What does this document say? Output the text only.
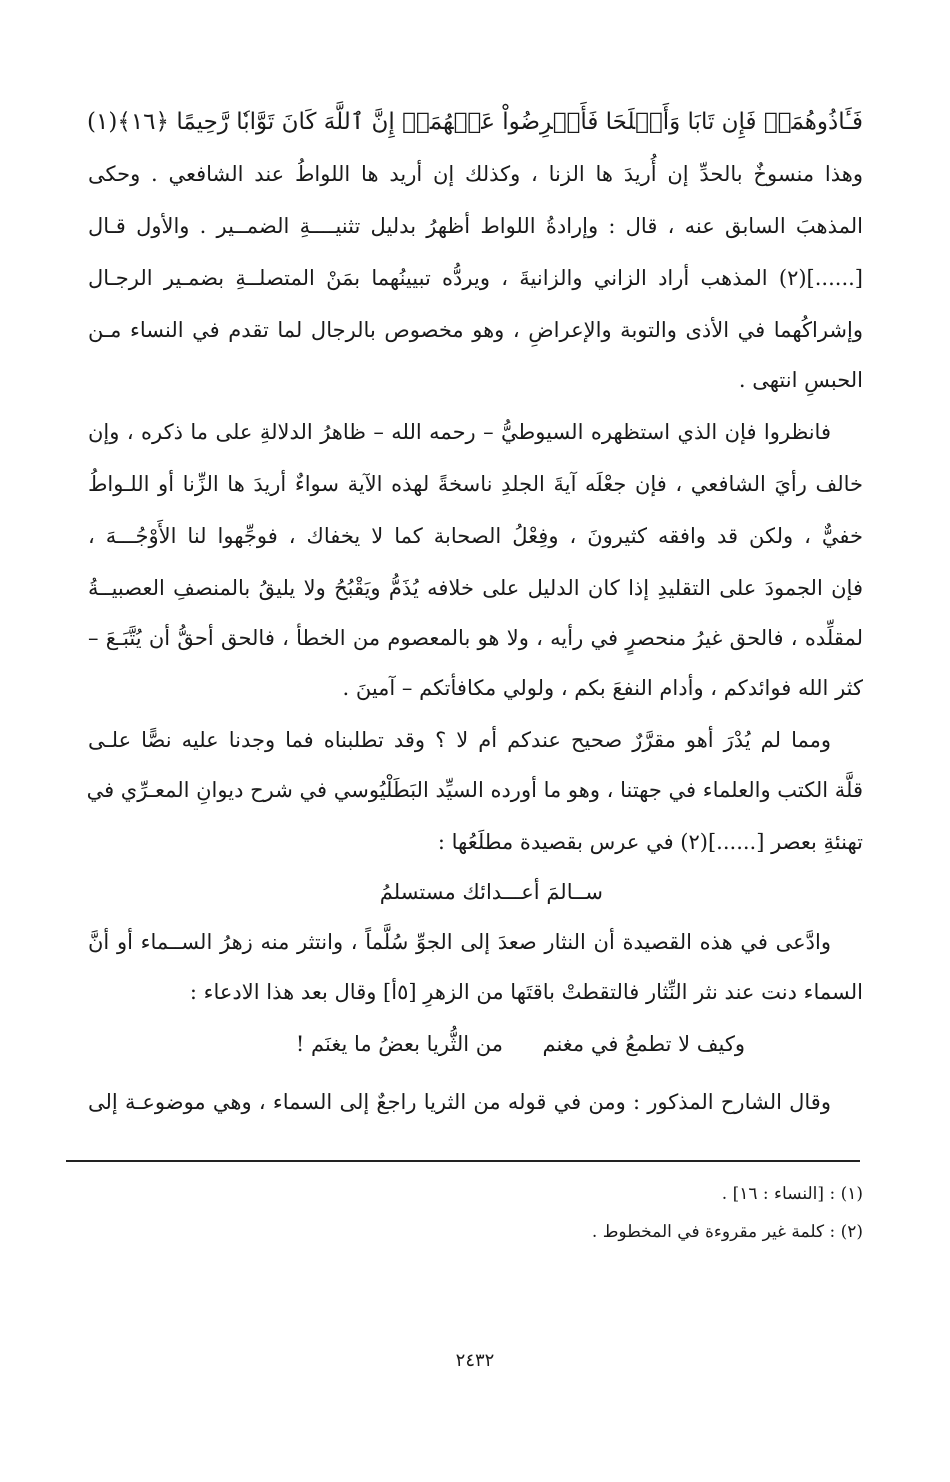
فَـَٔاذُوهُمَاۖ فَإِن تَابَا وَأَصۡلَحَا فَأَعۡرِضُواْ عَنۡهُمَآۗ إِنَّ ٱللَّهَ كَانَ تَوَّابٗا رَّحِيمًا ﴿١٦﴾(١)
وهذا منسوخٌ بالحدِّ إن أُريدَ ها الزنا ، وكذلك إن أريد ها اللواطُ عند الشافعي . وحكى
المذهبَ السابق عنه ، قال : وإرادةُ اللواط أظهرُ بدليل تثنيــــةِ الضمــير . والأول قـال
[......](٢) المذهب أراد الزاني والزانيةَ ، ويردُّه تبيينُهما بمَنْ المتصلــةِ بضمـير الرجـال
وإشراكُهما في الأذى والتوبة والإعراضِ ، وهو مخصوص بالرجال لما تقدم في النساء مـن
الحبسِ انتهى .
فانظروا فإن الذي استظهره السيوطيُّ – رحمه الله – ظاهرُ الدلالةِ على ما ذكره ، وإن
خالف رأيَ الشافعي ، فإن جعْلَه آيةَ الجلدِ ناسخةً لهذه الآية سواءٌ أريدَ ها الزِّنا أو اللـواطُ
خفيٌّ ، ولكن قد وافقه كثيرونَ ، وفِعْلُ الصحابة كما لا يخفاك ، فوجِّهوا لنا الأَوْجُـــهَ ،
فإن الجمودَ على التقليدِ إذا كان الدليل على خلافه يُذَمُّ ويَقْبُحُ ولا يليقُ بالمنصفِ العصبيــةُ
لمقلِّده ، فالحق غيرُ منحصرٍ في رأيه ، ولا هو بالمعصوم من الخطأ ، فالحق أحقُّ أن يُتَّبَـعَ –
كثر الله فوائدكم ، وأدام النفعَ بكم ، ولولي مكافأتكم – آمينَ .
ومما لم يُدْرَ أهو مقرَّرٌ صحيح عندكم أم لا ؟ وقد تطلبناه فما وجدنا عليه نصًّا علـى
قلَّة الكتب والعلماء في جهتنا ، وهو ما أورده السيِّد البَطَلْيُوسي في شرح ديوانِ المعـرِّي في
تهنئةِ بعصر [......](٢) في عرس بقصيدة مطلَعُها :
ســالمَ أعـــدائك مستسلمُ
وادَّعى في هذه القصيدة أن النثار صعدَ إلى الجوِّ سُلَّماً ، وانتثر منه زهرُ الســماء أو أنَّ
السماء دنت عند نثر النِّثار فالتقطتْ باقتَها من الزهرِ [٥أ] وقال بعد هذا الادعاء :
وكيف لا تطمعُ في مغنم
من الثُّريا بعضُ ما يغنَم !
وقال الشارح المذكور : ومن في قوله من الثريا راجعٌ إلى السماء ، وهي موضوعـة إلى
(١) : [النساء : ١٦] .
(٢) : كلمة غير مقروءة في المخطوط .
٢٤٣٢
